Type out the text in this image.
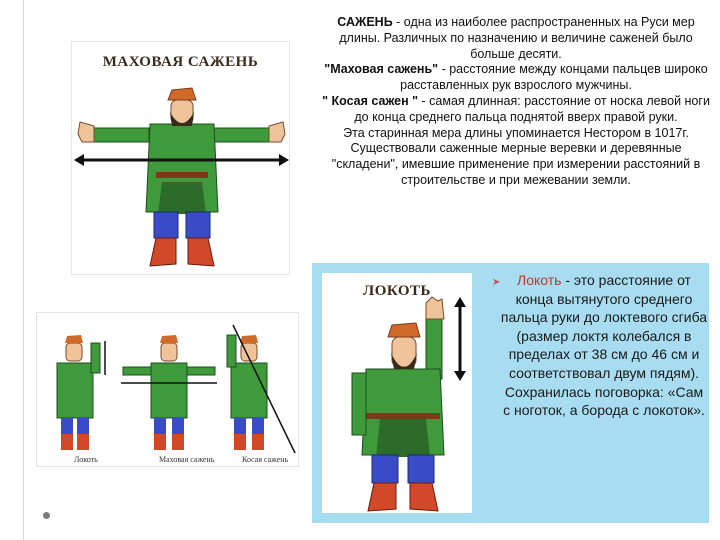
МАХОВАЯ САЖЕНЬ
Локоть	Маховая сажень	Косая сажень
ЛОКОТЬ

САЖЕНЬ - одна из наиболее распространенных на Руси мер длины. Различных по назначению и величине саженей было больше десяти.

"Маховая сажень" - расстояние между концами пальцев широко расставленных рук взрослого мужчины.

" Косая сажен " - самая длинная: расстояние от носка левой ноги до конца среднего пальца поднятой вверх правой руки.

Эта старинная мера длины упоминается Нестором в 1017г. Существовали саженные мерные веревки и деревянные "складени", имевшие применение при измерении расстояний в строительстве и при межевании земли.

➤	Локоть - это расстояние от конца вытянутого среднего пальца руки до локтевого сгиба (размер локтя колебался в пределах от 38 см до 46 см и соответствовал двум пядям). Сохранилась поговорка: «Сам с ноготок, а борода с локоток».
